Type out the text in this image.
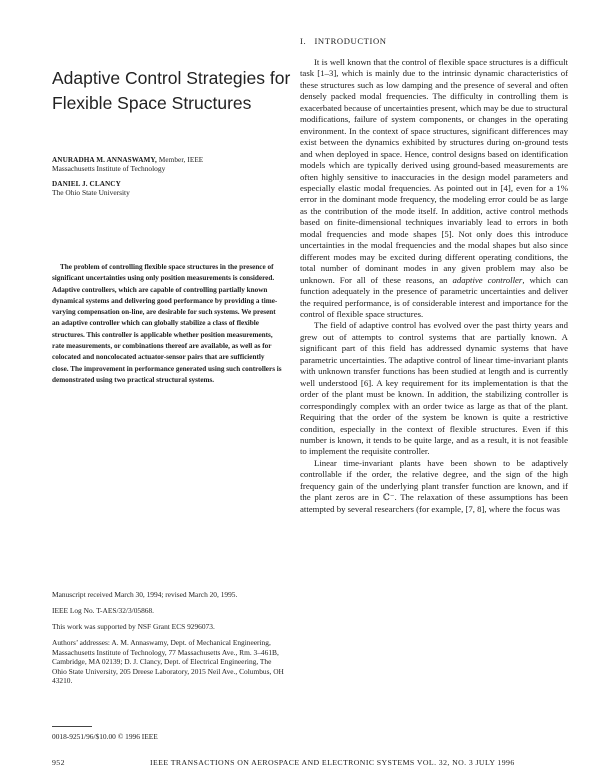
Adaptive Control Strategies for
Flexible Space Structures
ANURADHA M. ANNASWAMY, Member, IEEE
Massachusetts Institute of Technology
DANIEL J. CLANCY
The Ohio State University
The problem of controlling flexible space structures in the presence of significant uncertainties using only position measurements is considered. Adaptive controllers, which are capable of controlling partially known dynamical systems and delivering good performance by providing a time-varying compensation on-line, are desirable for such systems. We present an adaptive controller which can globally stabilize a class of flexible structures. This controller is applicable whether position measurements, rate measurements, or combinations thereof are available, as well as for colocated and noncolocated actuator-sensor pairs that are sufficiently close. The improvement in performance generated using such controllers is demonstrated using two practical structural systems.
Manuscript received March 30, 1994; revised March 20, 1995.
IEEE Log No. T-AES/32/3/05868.
This work was supported by NSF Grant ECS 9296073.
Authors’ addresses: A. M. Annaswamy, Dept. of Mechanical Engineering, Massachusetts Institute of Technology, 77 Massachusetts Ave., Rm. 3–461B, Cambridge, MA 02139; D. J. Clancy, Dept. of Electrical Engineering, The Ohio State University, 205 Dreese Laboratory, 2015 Neil Ave., Columbus, OH 43210.
0018-9251/96/$10.00 © 1996 IEEE
I. INTRODUCTION

It is well known that the control of flexible space structures is a difficult task [1–3], which is mainly due to the intrinsic dynamic characteristics of these structures such as low damping and the presence of several and often densely packed modal frequencies. The difficulty in controlling them is exacerbated because of uncertainties present, which may be due to structural modifications, failure of system components, or changes in the operating environment. In the context of space structures, significant differences may exist between the dynamics exhibited by structures during on-ground tests and when deployed in space. Hence, control designs based on identification models which are typically derived using ground-based measurements are often highly sensitive to inaccuracies in the design model parameters and especially elastic modal frequencies. As pointed out in [4], even for a 1% error in the dominant mode frequency, the modeling error could be as large as the contribution of the mode itself. In addition, active control methods based on finite-dimensional techniques invariably lead to errors in both modal frequencies and mode shapes [5]. Not only does this introduce uncertainties in the modal frequencies and the modal shapes but also since different modes may be excited during different operating conditions, the total number of dominant modes in any given problem may also be unknown. For all of these reasons, an adaptive controller, which can function adequately in the presence of parametric uncertainties and deliver the required performance, is of considerable interest and importance for the control of flexible space structures.

The field of adaptive control has evolved over the past thirty years and grew out of attempts to control systems that are partially known. A significant part of this field has addressed dynamic systems that have parametric uncertainties. The adaptive control of linear time-invariant plants with unknown transfer functions has been studied at length and is currently well understood [6]. A key requirement for its implementation is that the order of the plant must be known. In addition, the stabilizing controller is correspondingly complex with an order twice as large as that of the plant. Requiring that the order of the system be known is quite a restrictive condition, especially in the context of flexible structures. Even if this number is known, it tends to be quite large, and as a result, it is not feasible to implement the requisite controller.

Linear time-invariant plants have been shown to be adaptively controllable if the order, the relative degree, and the sign of the high frequency gain of the underlying plant transfer function are known, and if the plant zeros are in ℂ⁻. The relaxation of these assumptions has been attempted by several researchers (for example, [7, 8], where the focus was

952	IEEE TRANSACTIONS ON AEROSPACE AND ELECTRONIC SYSTEMS VOL. 32, NO. 3 JULY 1996
